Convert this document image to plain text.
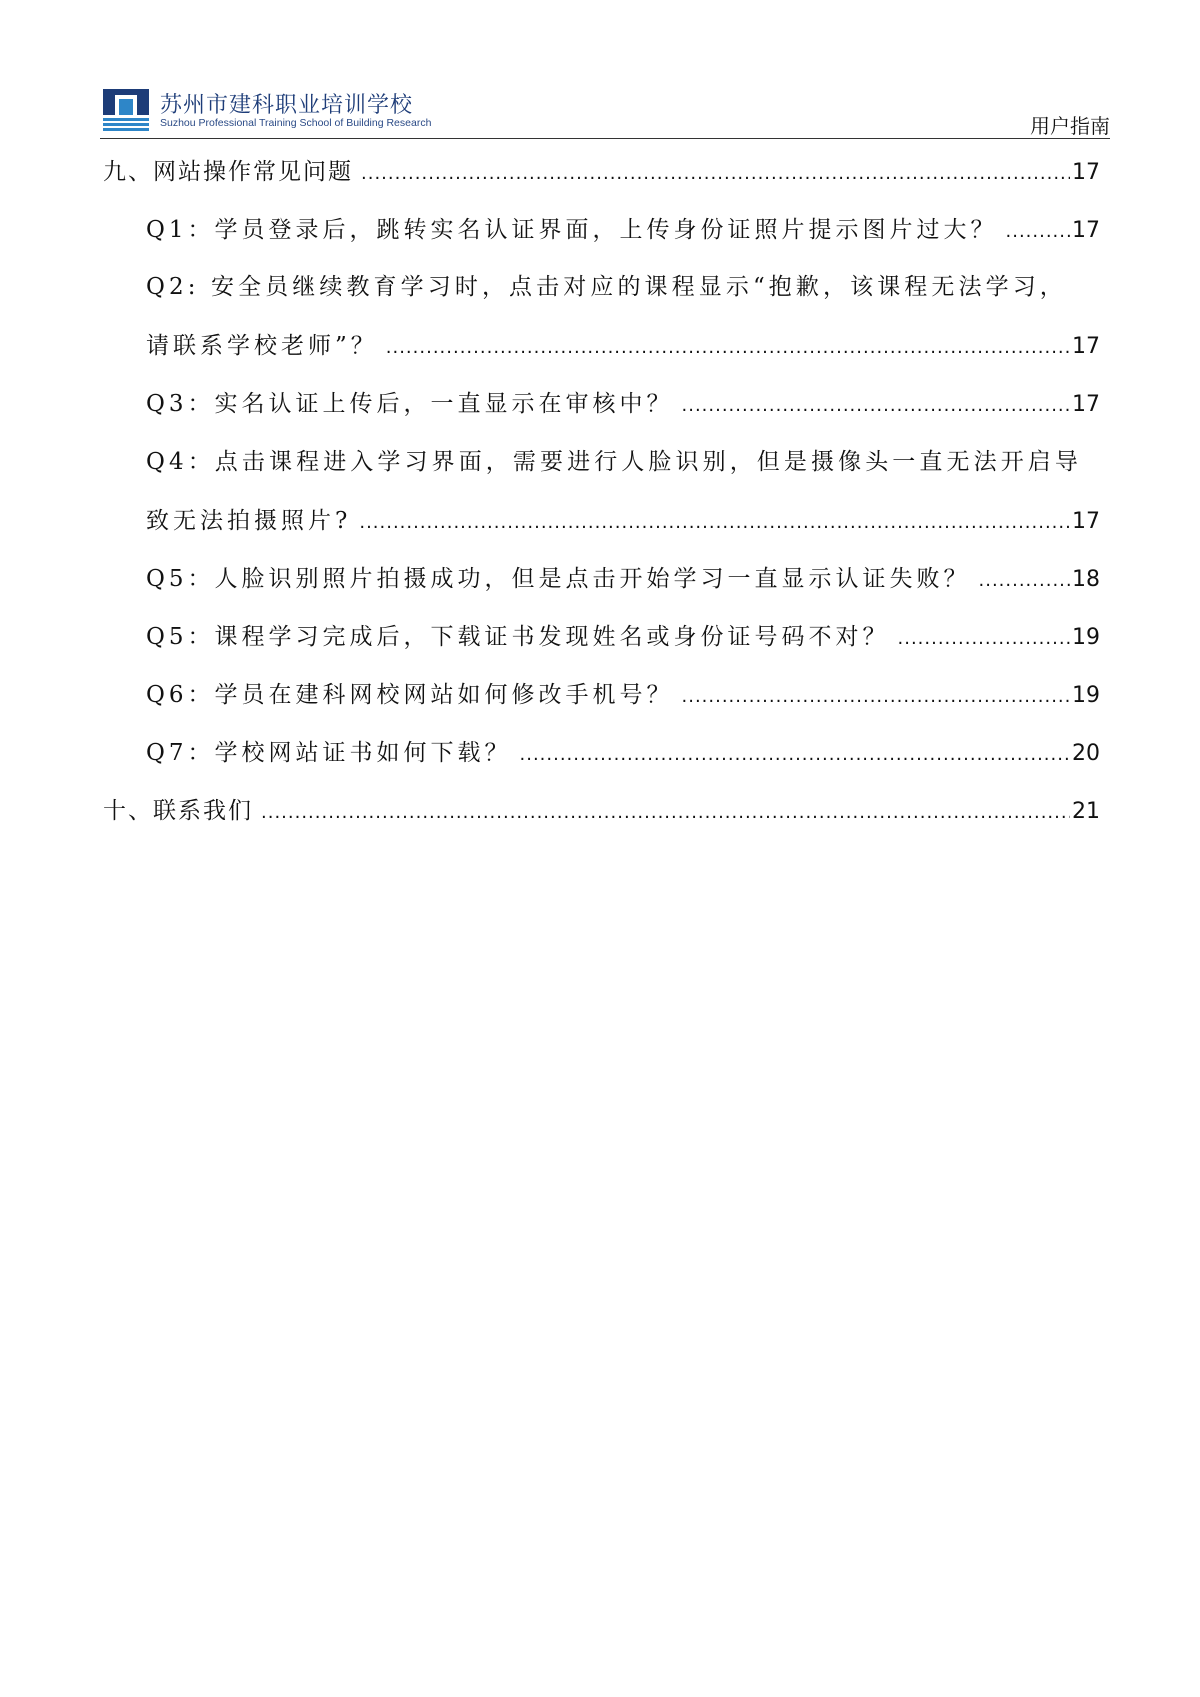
苏州市建科职业培训学校
Suzhou Professional Training School of Building Research	用户指南
九、网站操作常见问题 .....	17
Q1：学员登录后，跳转实名认证界面，上传身份证照片提示图片过大？ .....	17
Q2: 安全员继续教育学习时，点击对应的课程显示“抱歉，该课程无法学习，
请联系学校老师”？ .....	17
Q3：实名认证上传后，一直显示在审核中？ .....	17
Q4：点击课程进入学习界面，需要进行人脸识别，但是摄像头一直无法开启导
致无法拍摄照片? .....	17
Q5：人脸识别照片拍摄成功，但是点击开始学习一直显示认证失败？ .....	18
Q5：课程学习完成后，下载证书发现姓名或身份证号码不对？ .....	19
Q6：学员在建科网校网站如何修改手机号？ .....	19
Q7：学校网站证书如何下载？ .....	20
十、联系我们 .....	21
